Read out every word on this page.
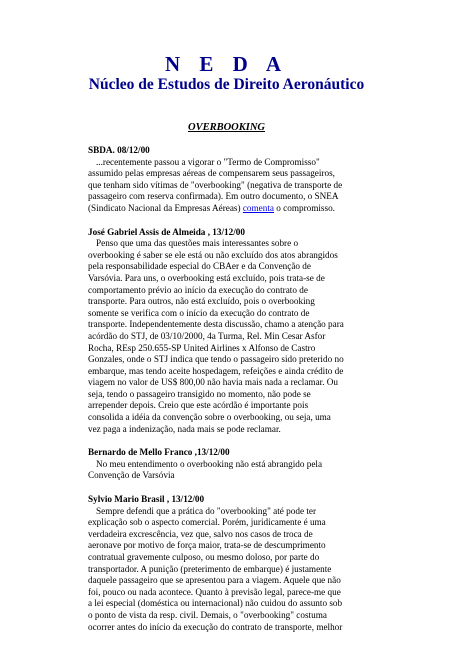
N E D A
Núcleo de Estudos de Direito Aeronáutico
OVERBOOKING
SBDA. 08/12/00
...recentemente passou a vigorar o "Termo de Compromisso"
assumido pelas empresas aéreas de compensarem seus passageiros,
que tenham sido vítimas de "overbooking" (negativa de transporte de
passageiro com reserva confirmada). Em outro documento, o SNEA
(Sindicato Nacional da Empresas Aéreas) comenta o compromisso.
José Gabriel Assis de Almeida , 13/12/00
Penso que uma das questões mais interessantes sobre o
overbooking é saber se ele está ou não excluído dos atos abrangidos
pela responsabilidade especial do CBAer e da Convenção de
Varsóvia. Para uns, o overbooking está excluído, pois trata-se de
comportamento prévio ao início da execução do contrato de
transporte. Para outros, não está excluído, pois o overbooking
somente se verifica com o início da execução do contrato de
transporte. Independentemente desta discussão, chamo a atenção para
acórdão do STJ, de 03/10/2000, 4a Turma, Rel. Min Cesar Asfor
Rocha, REsp 250.655-SP United Airlines x Alfonso de Castro
Gonzales, onde o STJ indica que tendo o passageiro sido preterido no
embarque, mas tendo aceite hospedagem, refeições e ainda crédito de
viagem no valor de US$ 800,00 não havia mais nada a reclamar. Ou
seja, tendo o passageiro transigido no momento, não pode se
arrepender depois. Creio que este acórdão é importante pois
consolida a idéia da convenção sobre o overbooking, ou seja, uma
vez paga a indenização, nada mais se pode reclamar.
Bernardo de Mello Franco ,13/12/00
No meu entendimento o overbooking não está abrangido pela
Convenção de Varsóvia
Sylvio Mario Brasil , 13/12/00
Sempre defendi que a prática do "overbooking" até pode ter
explicação sob o aspecto comercial. Porém, juridicamente é uma
verdadeira excrescência, vez que, salvo nos casos de troca de
aeronave por motivo de força maior, trata-se de descumprimento
contratual gravemente culposo, ou mesmo doloso, por parte do
transportador. A punição (preterimento de embarque) é justamente
daquele passageiro que se apresentou para a viagem. Aquele que não
foi, pouco ou nada acontece. Quanto à previsão legal, parece-me que
a lei especial (doméstica ou internacional) não cuidou do assunto sob
o ponto de vista da resp. civil. Demais, o "overbooking" costuma
ocorrer antes do início da execução do contrato de transporte, melhor
